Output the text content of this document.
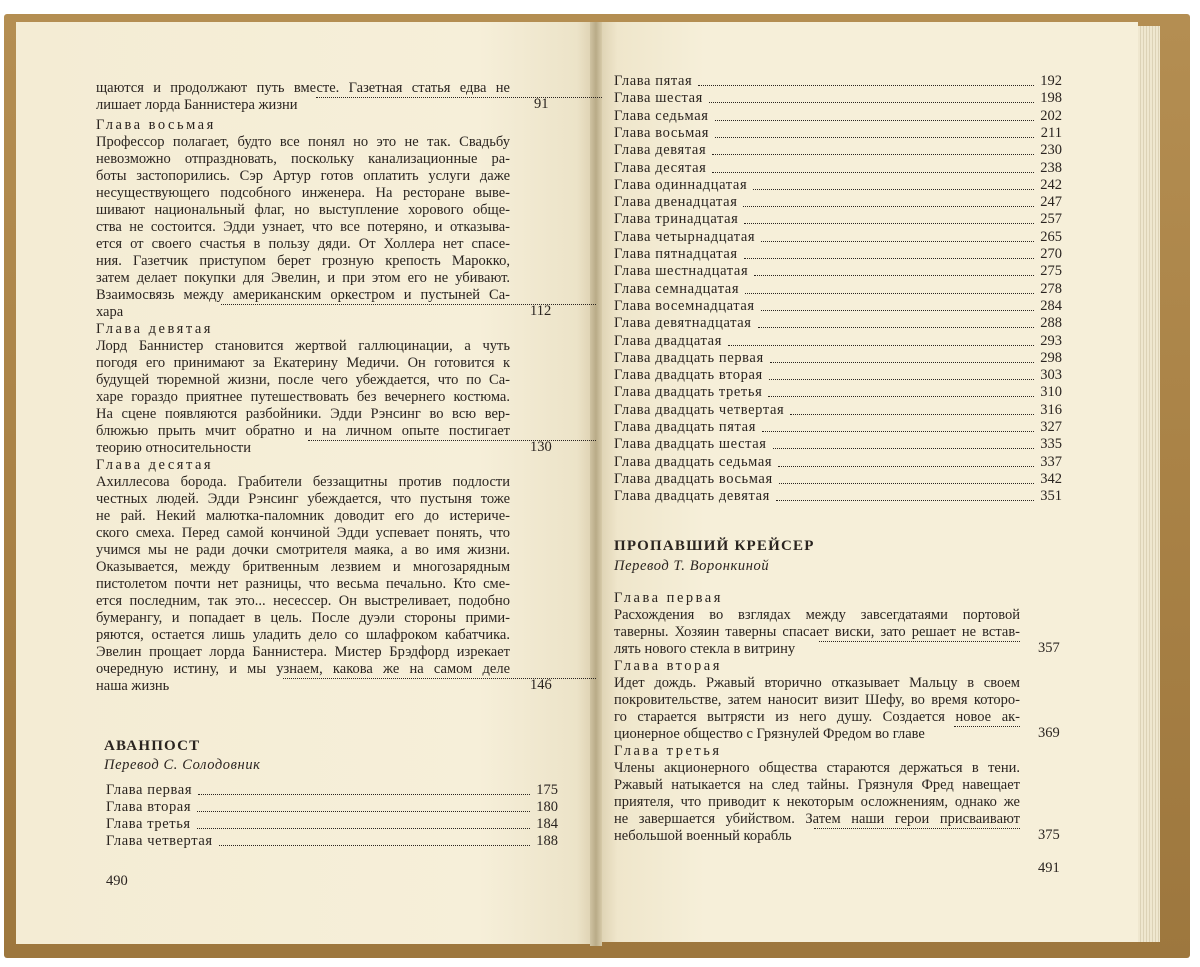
щаются и продолжают путь вместе. Газетная статья едва не
лишает лорда Баннистера жизни	91
Глава восьмая
Профессор полагает, будто все понял но это не так. Свадьбу
невозможно отпраздновать, поскольку канализационные ра-
боты застопорились. Сэр Артур готов оплатить услуги даже
несуществующего подсобного инженера. На ресторане выве-
шивают национальный флаг, но выступление хорового обще-
ства не состоится. Эдди узнает, что все потеряно, и отказыва-
ется от своего счастья в пользу дяди. От Холлера нет спасе-
ния. Газетчик приступом берет грозную крепость Марокко,
затем делает покупки для Эвелин, и при этом его не убивают.
Взаимосвязь между американским оркестром и пустыней Са-
хара	112
Глава девятая
Лорд Баннистер становится жертвой галлюцинации, а чуть
погодя его принимают за Екатерину Медичи. Он готовится к
будущей тюремной жизни, после чего убеждается, что по Са-
харе гораздо приятнее путешествовать без вечернего костюма.
На сцене появляются разбойники. Эдди Рэнсинг во всю вер-
блюжью прыть мчит обратно и на личном опыте постигает
теорию относительности	130
Глава десятая
Ахиллесова борода. Грабители беззащитны против подлости
честных людей. Эдди Рэнсинг убеждается, что пустыня тоже
не рай. Некий малютка-паломник доводит его до истериче-
ского смеха. Перед самой кончиной Эдди успевает понять, что
учимся мы не ради дочки смотрителя маяка, а во имя жизни.
Оказывается, между бритвенным лезвием и многозарядным
пистолетом почти нет разницы, что весьма печально. Кто сме-
ется последним, так это... несессер. Он выстреливает, подобно
бумерангу, и попадает в цель. После дуэли стороны прими-
ряются, остается лишь уладить дело со шлафроком кабатчика.
Эвелин прощает лорда Баннистера. Мистер Брэдфорд изрекает
очередную истину, и мы узнаем, какова же на самом деле
наша жизнь	146
АВАНПОСТ
Перевод С. Солодовник
Глава первая	175
Глава вторая	180
Глава третья	184
Глава четвертая	188
490
Глава пятая	192
Глава шестая	198
Глава седьмая	202
Глава восьмая	211
Глава девятая	230
Глава десятая	238
Глава одиннадцатая	242
Глава двенадцатая	247
Глава тринадцатая	257
Глава четырнадцатая	265
Глава пятнадцатая	270
Глава шестнадцатая	275
Глава семнадцатая	278
Глава восемнадцатая	284
Глава девятнадцатая	288
Глава двадцатая	293
Глава двадцать первая	298
Глава двадцать вторая	303
Глава двадцать третья	310
Глава двадцать четвертая	316
Глава двадцать пятая	327
Глава двадцать шестая	335
Глава двадцать седьмая	337
Глава двадцать восьмая	342
Глава двадцать девятая	351
ПРОПАВШИЙ КРЕЙСЕР
Перевод Т. Воронкиной
Глава первая
Расхождения во взглядах между завсегдатаями портовой
таверны. Хозяин таверны спасает виски, зато решает не встав-
лять нового стекла в витрину	357
Глава вторая
Идет дождь. Ржавый вторично отказывает Мальцу в своем
покровительстве, затем наносит визит Шефу, во время которо-
го старается вытрясти из него душу. Создается новое ак-
ционерное общество с Грязнулей Фредом во главе	369
Глава третья
Члены акционерного общества стараются держаться в тени.
Ржавый натыкается на след тайны. Грязнуля Фред навещает
приятеля, что приводит к некоторым осложнениям, однако же
не завершается убийством. Затем наши герои присваивают
небольшой военный корабль	375
491
